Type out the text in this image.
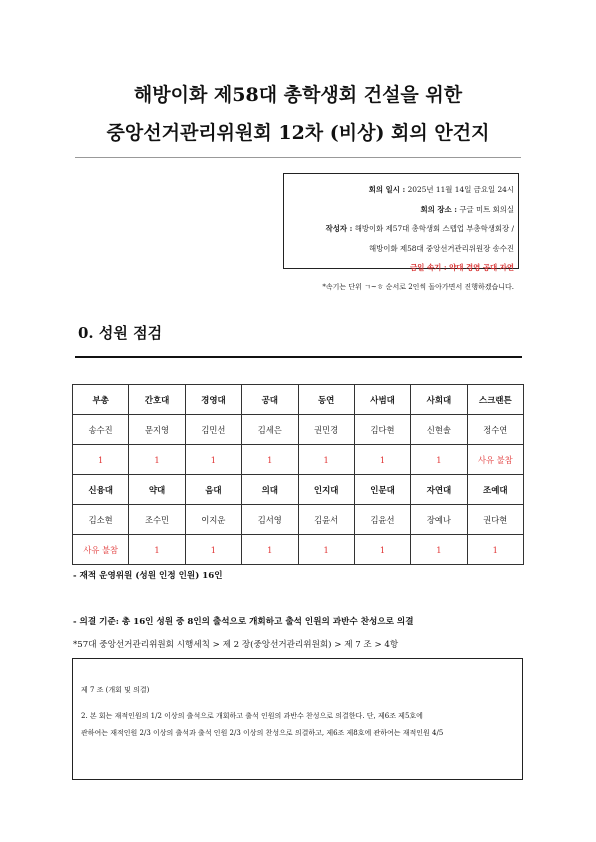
해방이화 제58대 총학생회 건설을 위한
중앙선거관리위원회 12차 (비상) 회의 안건지
회의 일시 : 2025년 11월 14일 금요일 24시
회의 장소 : 구글 미트 회의실
작성자 : 해방이화 제57대 총학생회 스텝업 부총학생회장 /
해방이화 제58대 중앙선거관리위원장 송수진
금일 속기 : 약대 경영 공대 자연
*속기는 단위 ㄱ~ㅎ 순서로 2인씩 돌아가면서 진행하겠습니다.
0. 성원 점검
부총	간호대	경영대	공대	동연	사범대	사회대	스크랜튼
송수진	문지영	김민선	김세은	권민경	김다현	신현솔	정수연
1	1	1	1	1	1	1	사유 불참
신융대	약대	음대	의대	인지대	인문대	자연대	조예대
김소현	조수민	이지운	김서영	김윤서	김윤선	장예나	권다현
사유 불참	1	1	1	1	1	1	1
- 재적 운영위원 (성원 인정 인원) 16인
- 의결 기준: 총 16인 성원 중 8인의 출석으로 개회하고 출석 인원의 과반수 찬성으로 의결
*57대 중앙선거관리위원회 시행세칙 > 제 2 장(중앙선거관리위원회) > 제 7 조 > 4항
제 7 조 (개회 및 의결)
2. 본 회는 재적인원의 1/2 이상의 출석으로 개회하고 출석 인원의 과반수 찬성으로 의결한다. 단, 제6조 제5호에
관하여는 재적인원 2/3 이상의 출석과 출석 인원 2/3 이상의 찬성으로 의결하고, 제6조 제8호에 관하여는 재적인원 4/5
